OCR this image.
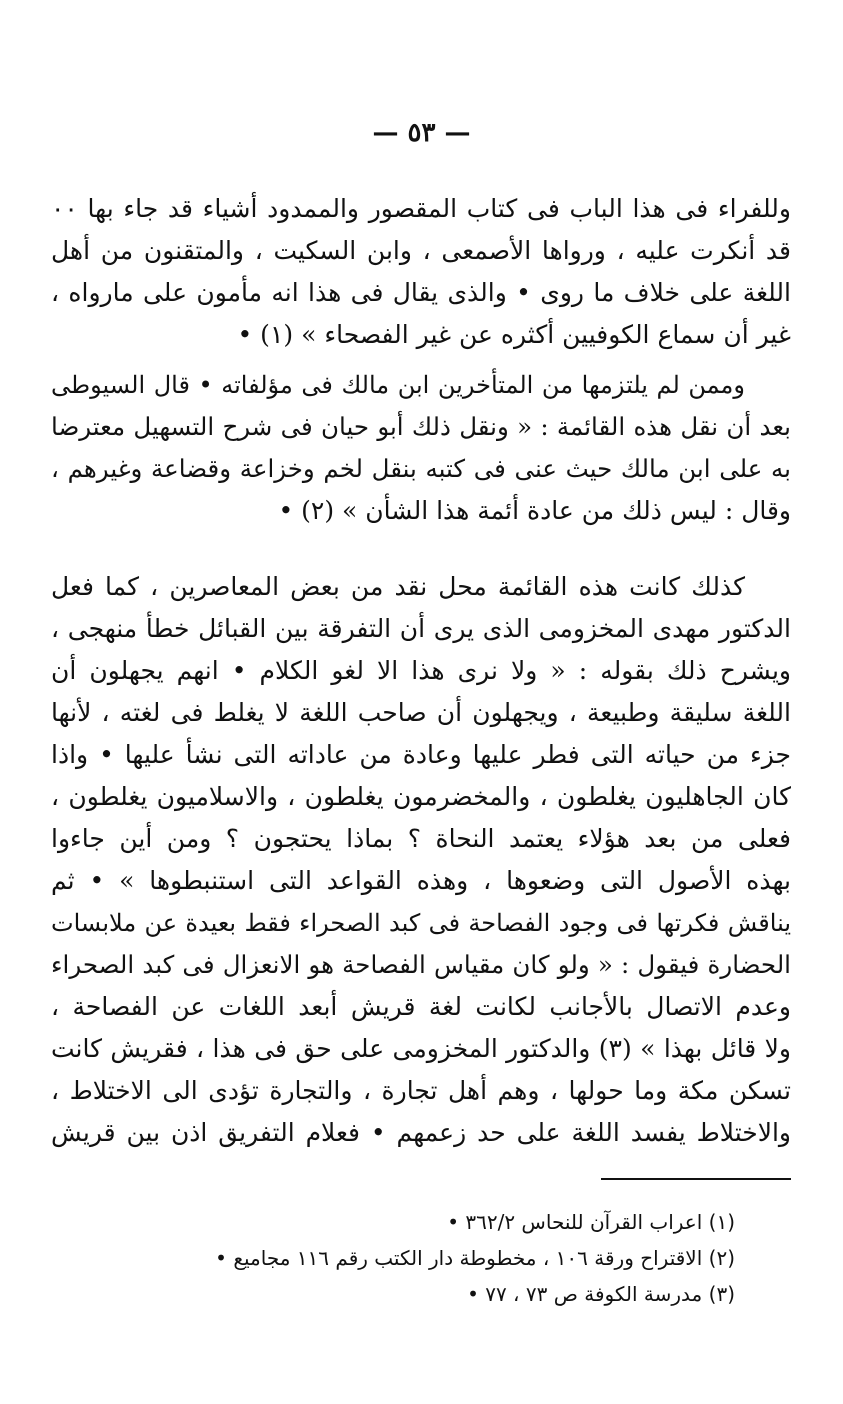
— ٥٣ —
وللفراء فى هذا الباب فى كتاب المقصور والممدود أشياء قد جاء بها ٠٠
قد أنكرت عليه ، ورواها الأصمعى ، وابن السكيت ، والمتقنون من أهل
اللغة على خلاف ما روى • والذى يقال فى هذا انه مأمون على مارواه ،
غير أن سماع الكوفيين أكثره عن غير الفصحاء » (١) •
وممن لم يلتزمها من المتأخرين ابن مالك فى مؤلفاته • قال السيوطى
بعد أن نقل هذه القائمة : « ونقل ذلك أبو حيان فى شرح التسهيل معترضا
به على ابن مالك حيث عنى فى كتبه بنقل لخم وخزاعة وقضاعة وغيرهم ،
وقال : ليس ذلك من عادة أئمة هذا الشأن » (٢) •
كذلك كانت هذه القائمة محل نقد من بعض المعاصرين ، كما فعل
الدكتور مهدى المخزومى الذى يرى أن التفرقة بين القبائل خطأ منهجى ،
ويشرح ذلك بقوله : « ولا نرى هذا الا لغو الكلام • انهم يجهلون أن
اللغة سليقة وطبيعة ، ويجهلون أن صاحب اللغة لا يغلط فى لغته ، لأنها
جزء من حياته التى فطر عليها وعادة من عاداته التى نشأ عليها • واذا
كان الجاهليون يغلطون ، والمخضرمون يغلطون ، والاسلاميون يغلطون ،
فعلى من بعد هؤلاء يعتمد النحاة ؟ بماذا يحتجون ؟ ومن أين جاءوا
بهذه الأصول التى وضعوها ، وهذه القواعد التى استنبطوها » • ثم
يناقش فكرتها فى وجود الفصاحة فى كبد الصحراء فقط بعيدة عن ملابسات
الحضارة فيقول : « ولو كان مقياس الفصاحة هو الانعزال فى كبد الصحراء
وعدم الاتصال بالأجانب لكانت لغة قريش أبعد اللغات عن الفصاحة ،
ولا قائل بهذا » (٣) والدكتور المخزومى على حق فى هذا ، فقريش كانت
تسكن مكة وما حولها ، وهم أهل تجارة ، والتجارة تؤدى الى الاختلاط ،
والاختلاط يفسد اللغة على حد زعمهم • فعلام التفريق اذن بين قريش
(١) اعراب القرآن للنحاس ٣٦٢/٢ •
(٢) الاقتراح ورقة ١٠٦ ، مخطوطة دار الكتب رقم ١١٦ مجاميع •
(٣) مدرسة الكوفة ص ٧٣ ، ٧٧ •
